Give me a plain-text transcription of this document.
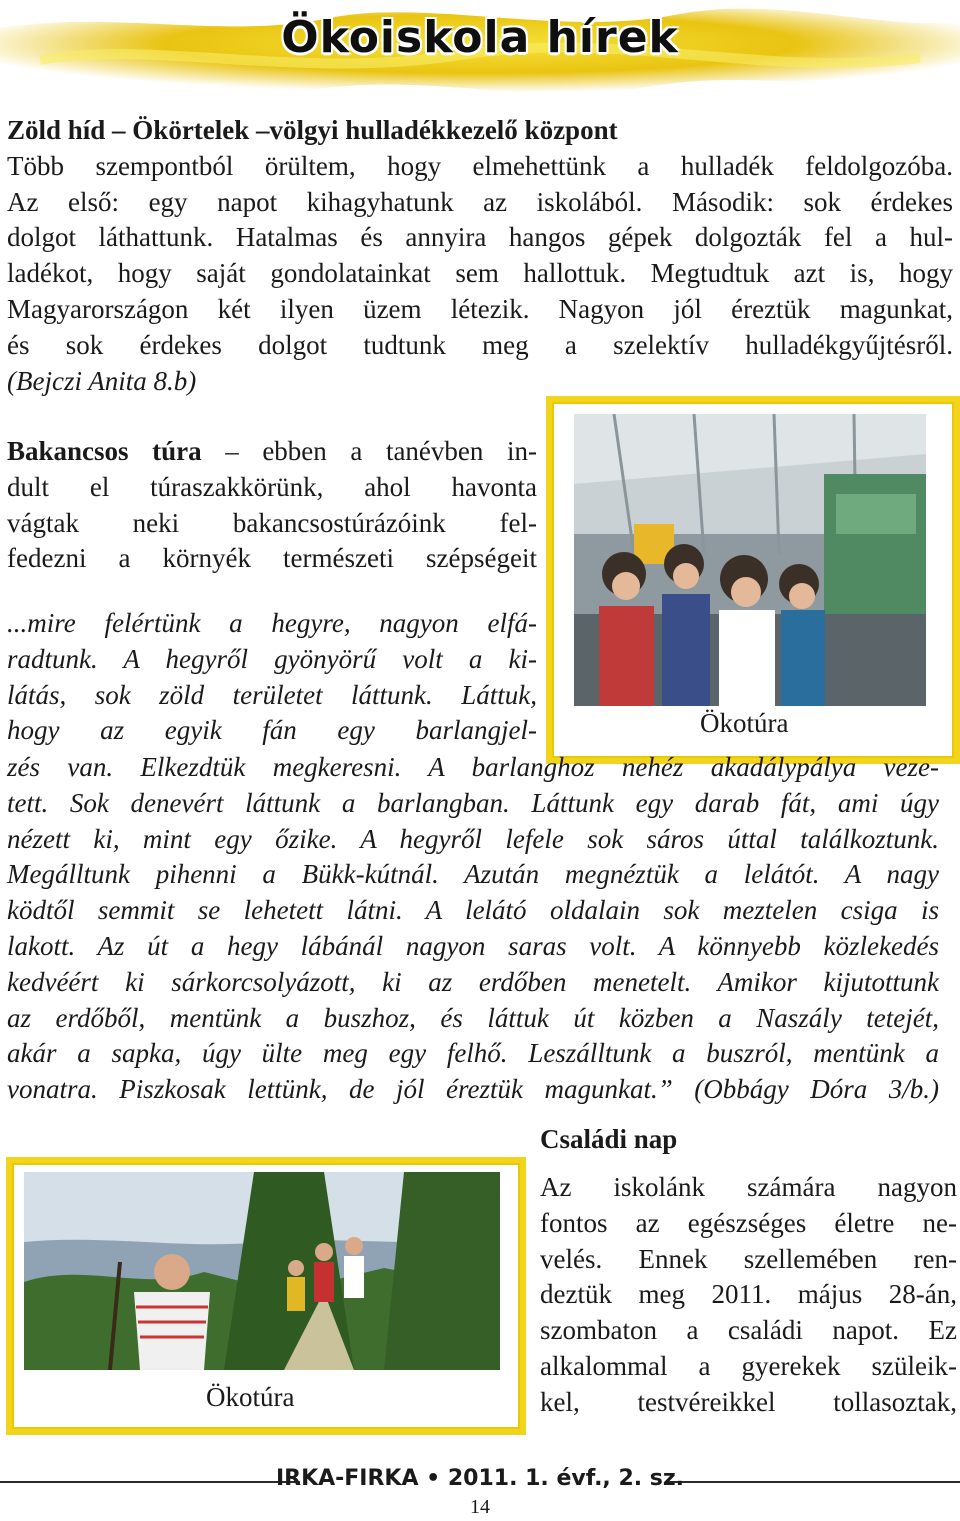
Ökoiskola hírek
Zöld híd – Ökörtelek –völgyi hulladékkezelő központ
Több szempontból örültem, hogy elmehettünk a hulladék feldolgozóba.
Az első: egy napot kihagyhatunk az iskolából. Második: sok érdekes
dolgot láthattunk. Hatalmas és annyira hangos gépek dolgozták fel a hul-
ladékot, hogy saját gondolatainkat sem hallottuk. Megtudtuk azt is, hogy
Magyarországon két ilyen üzem létezik. Nagyon jól éreztük magunkat,
és sok érdekes dolgot tudtunk meg a szelektív hulladékgyűjtésről.
(Bejczi Anita 8.b)
Ökotúra
Bakancsos túra – ebben a tanévben in-
dult el túraszakkörünk, ahol havonta
vágtak neki bakancsostúrázóink fel-
fedezni a környék természeti szépségeit
...mire felértünk a hegyre, nagyon elfá-
radtunk. A hegyről gyönyörű volt a ki-
látás, sok zöld területet láttunk. Láttuk,
hogy az egyik fán egy barlangjel-
zés van. Elkezdtük megkeresni. A barlanghoz nehéz akadálypálya veze-
tett. Sok denevért láttunk a barlangban. Láttunk egy darab fát, ami úgy
nézett ki, mint egy őzike. A hegyről lefele sok sáros úttal találkoztunk.
Megálltunk pihenni a Bükk-kútnál. Azután megnéztük a lelátót. A nagy
ködtől semmit se lehetett látni. A lelátó oldalain sok meztelen csiga is
lakott. Az út a hegy lábánál nagyon saras volt. A könnyebb közlekedés
kedvéért ki sárkorcsolyázott, ki az erdőben menetelt. Amikor kijutottunk
az erdőből, mentünk a buszhoz, és láttuk út közben a Naszály tetejét,
akár a sapka, úgy ülte meg egy felhő. Leszálltunk a buszról, mentünk a
vonatra. Piszkosak lettünk, de jól éreztük magunkat.” (Obbágy Dóra 3/b.)
Ökotúra
Családi nap
Az iskolánk számára nagyon
fontos az egészséges életre ne-
velés. Ennek szellemében ren-
deztük meg 2011. május 28-án,
szombaton a családi napot. Ez
alkalommal a gyerekek szüleik-
kel, testvéreikkel tollasoztak,
IRKA-FIRKA • 2011. 1. évf., 2. sz.
14
